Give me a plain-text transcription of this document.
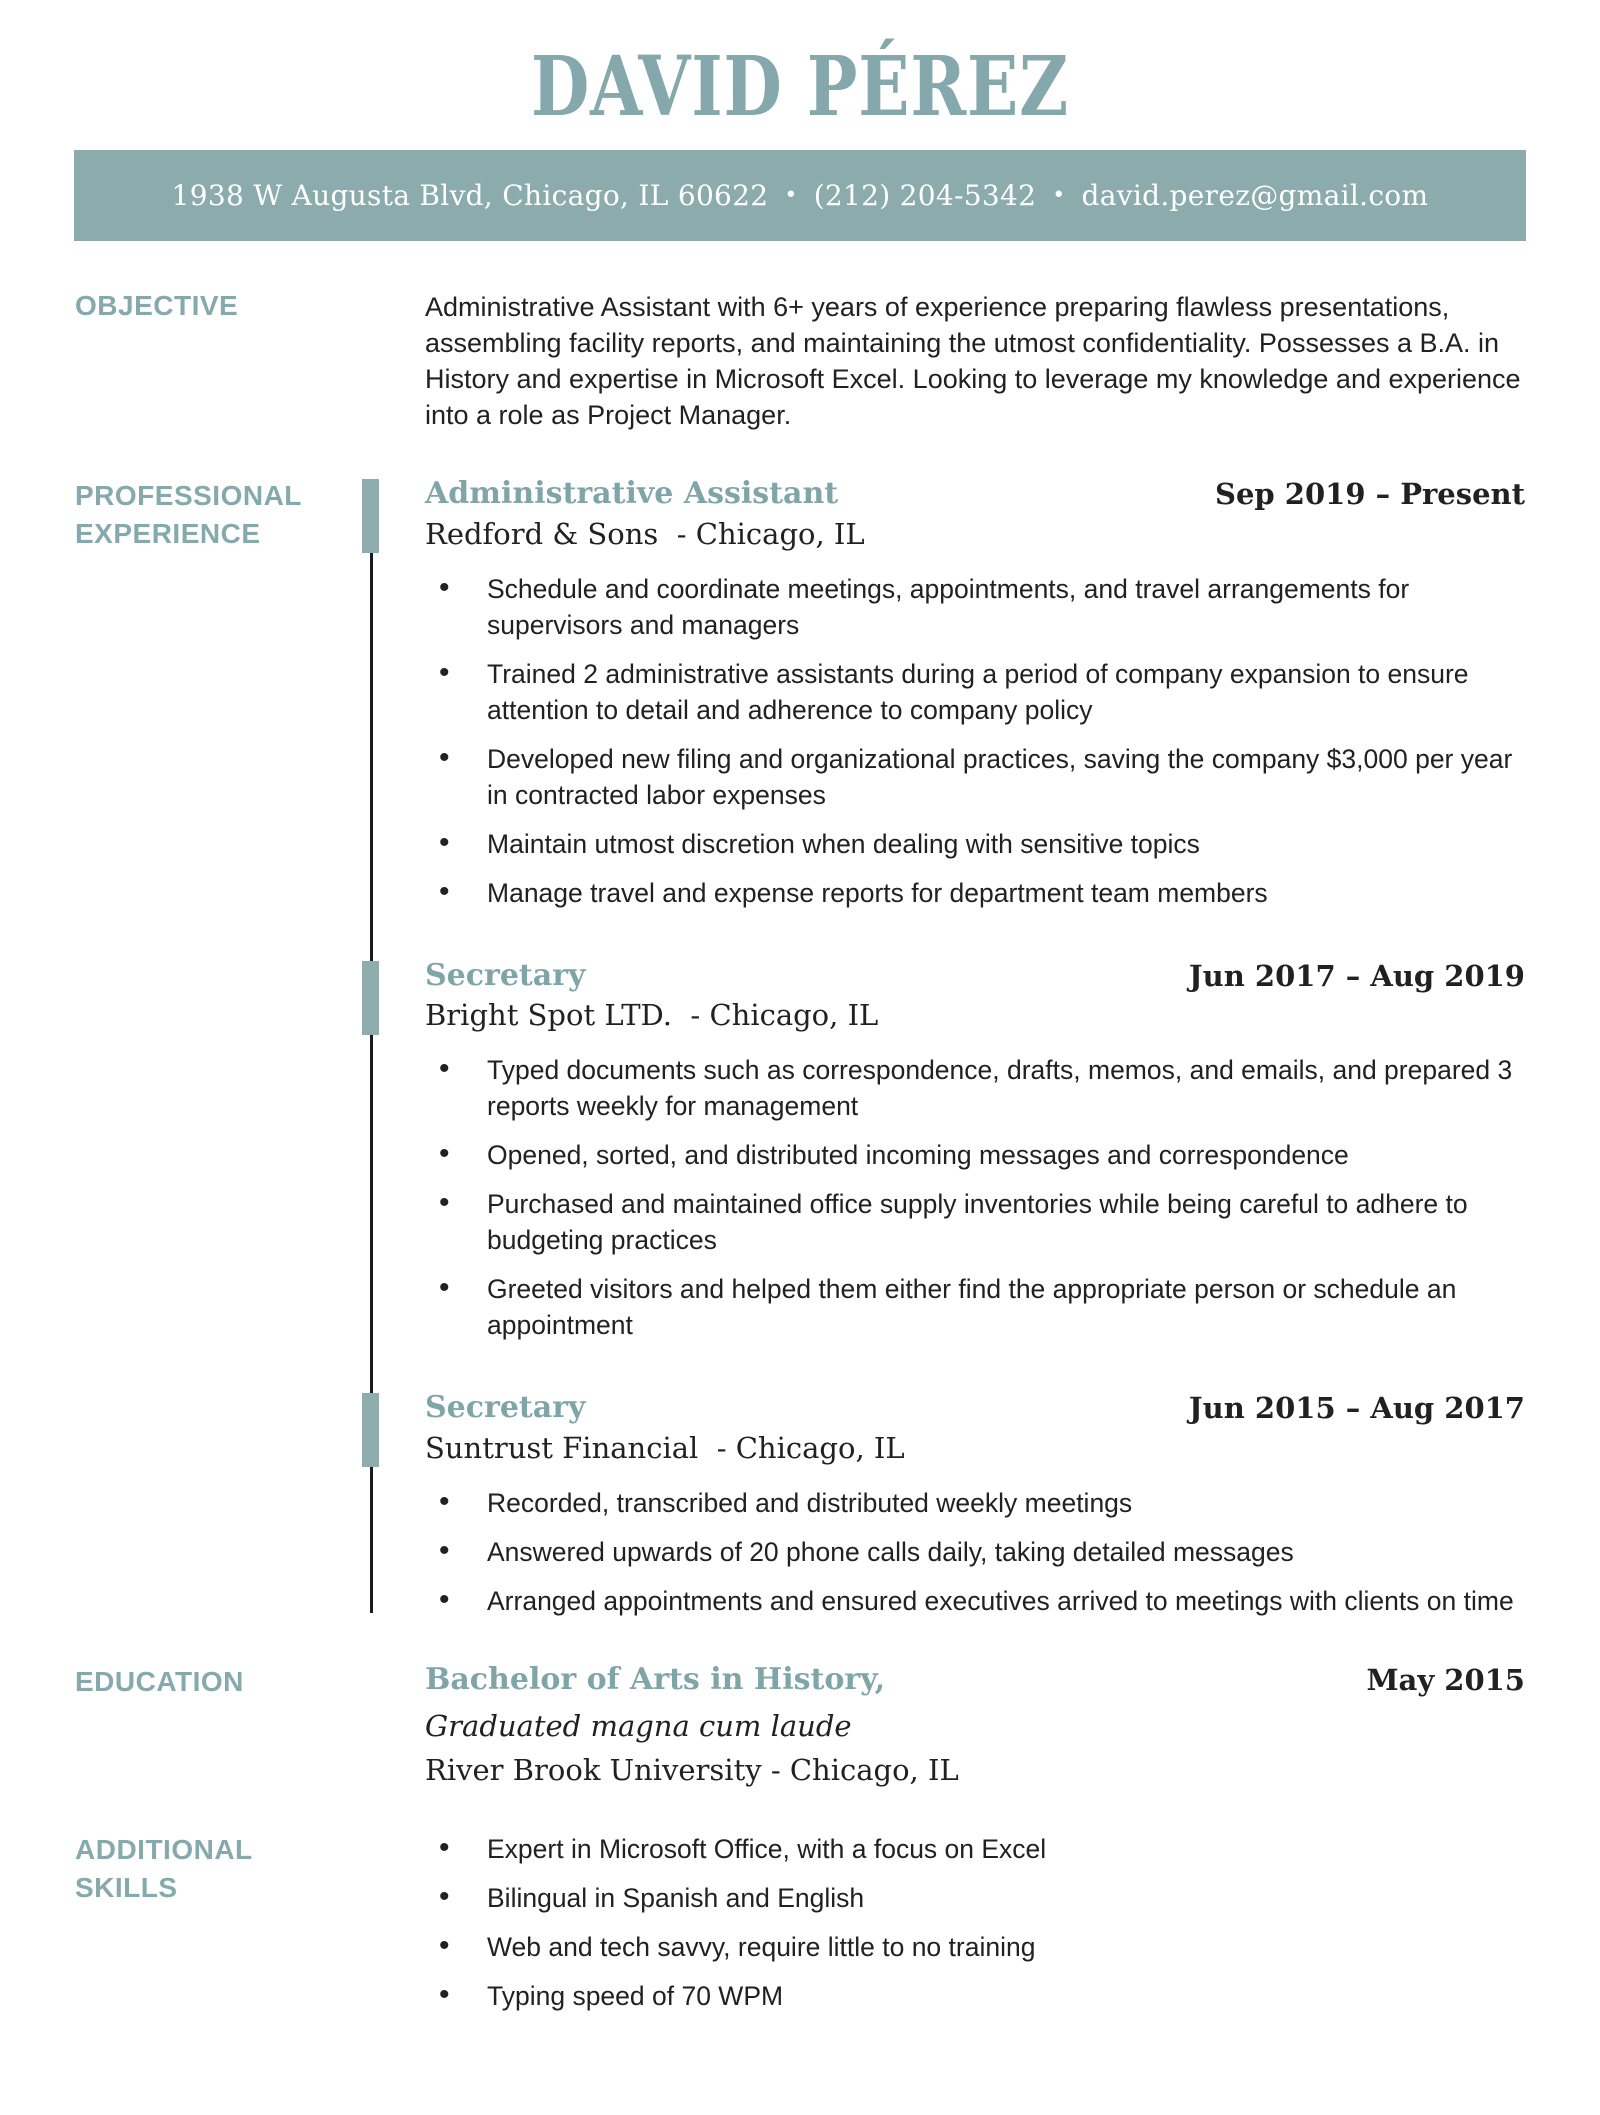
DAVID PÉREZ
1938 W Augusta Blvd, Chicago, IL 60622 • (212) 204-5342 • david.perez@gmail.com
OBJECTIVE	Administrative Assistant with 6+ years of experience preparing flawless presentations, assembling facility reports, and maintaining the utmost confidentiality. Possesses a B.A. in History and expertise in Microsoft Excel. Looking to leverage my knowledge and experience into a role as Project Manager.

PROFESSIONAL
EXPERIENCE
Administrative Assistant
Redford & Sons  - Chicago, IL
Sep 2019 – Present
• Schedule and coordinate meetings, appointments, and travel arrangements for supervisors and managers
• Trained 2 administrative assistants during a period of company expansion to ensure attention to detail and adherence to company policy
• Developed new filing and organizational practices, saving the company $3,000 per year in contracted labor expenses
• Maintain utmost discretion when dealing with sensitive topics
• Manage travel and expense reports for department team members
Secretary
Bright Spot LTD.  - Chicago, IL
Jun 2017 – Aug 2019
• Typed documents such as correspondence, drafts, memos, and emails, and prepared 3 reports weekly for management
• Opened, sorted, and distributed incoming messages and correspondence
• Purchased and maintained office supply inventories while being careful to adhere to budgeting practices
• Greeted visitors and helped them either find the appropriate person or schedule an appointment
Secretary
Suntrust Financial  - Chicago, IL
Jun 2015 – Aug 2017
• Recorded, transcribed and distributed weekly meetings
• Answered upwards of 20 phone calls daily, taking detailed messages
• Arranged appointments and ensured executives arrived to meetings with clients on time
EDUCATION	Bachelor of Arts in History,	May 2015
Graduated magna cum laude
River Brook University - Chicago, IL
ADDITIONAL
SKILLS
• Expert in Microsoft Office, with a focus on Excel
• Bilingual in Spanish and English
• Web and tech savvy, require little to no training
• Typing speed of 70 WPM
